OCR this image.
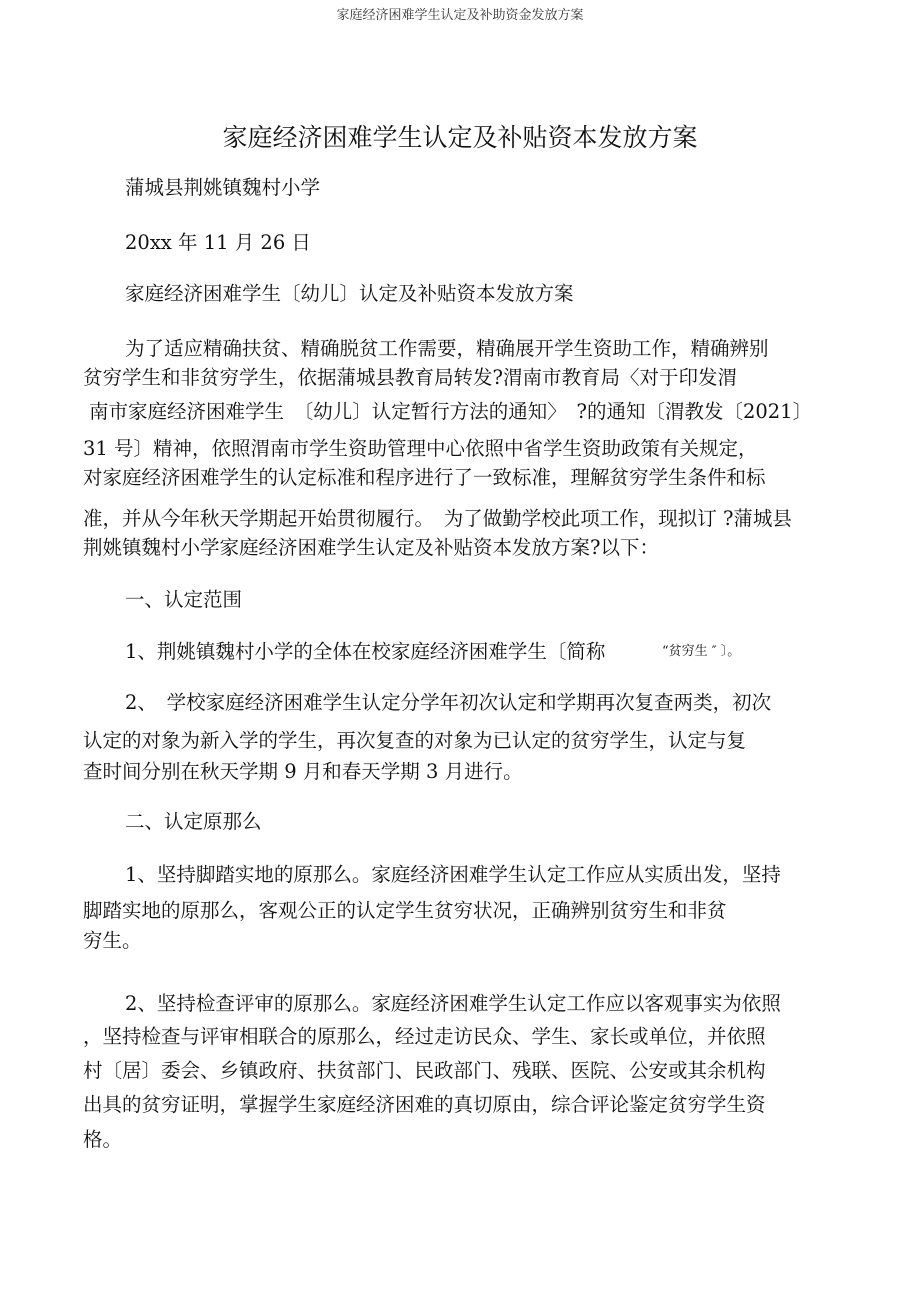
家庭经济困难学生认定及补助资金发放方案
家庭经济困难学生认定及补贴资本发放方案
蒲城县荆姚镇魏村小学
20xx 年 11 月 26 日
家庭经济困难学生〔幼儿〕认定及补贴资本发放方案
为了适应精确扶贫、精确脱贫工作需要，精确展开学生资助工作，精确辨别
贫穷学生和非贫穷学生，依据蒲城县教育局转发?渭南市教育局〈对于印发渭
南市家庭经济困难学生　〔幼儿〕认定暂行方法的通知〉　?的通知〔渭教发〔2021〕
31 号〕精神，依照渭南市学生资助管理中心依照中省学生资助政策有关规定，
对家庭经济困难学生的认定标准和程序进行了一致标准，理解贫穷学生条件和标
准，并从今年秋天学期起开始贯彻履行。　为了做勤学校此项工作，现拟订 ?蒲城县
荆姚镇魏村小学家庭经济困难学生认定及补贴资本发放方案?以下：
一、认定范围
1、荆姚镇魏村小学的全体在校家庭经济困难学生〔简称	“贫穷生 ″ 〕。
2、　学校家庭经济困难学生认定分学年初次认定和学期再次复查两类，初次
认定的对象为新入学的学生，再次复查的对象为已认定的贫穷学生，认定与复
查时间分别在秋天学期 9 月和春天学期 3 月进行。
二、认定原那么
1、坚持脚踏实地的原那么。家庭经济困难学生认定工作应从实质出发，坚持
脚踏实地的原那么，客观公正的认定学生贫穷状况，正确辨别贫穷生和非贫
穷生。
2、坚持检查评审的原那么。家庭经济困难学生认定工作应以客观事实为依照
，坚持检查与评审相联合的原那么，经过走访民众、学生、家长或单位，并依照
村〔居〕委会、乡镇政府、扶贫部门、民政部门、残联、医院、公安或其余机构
出具的贫穷证明，掌握学生家庭经济困难的真切原由，综合评论鉴定贫穷学生资
格。
